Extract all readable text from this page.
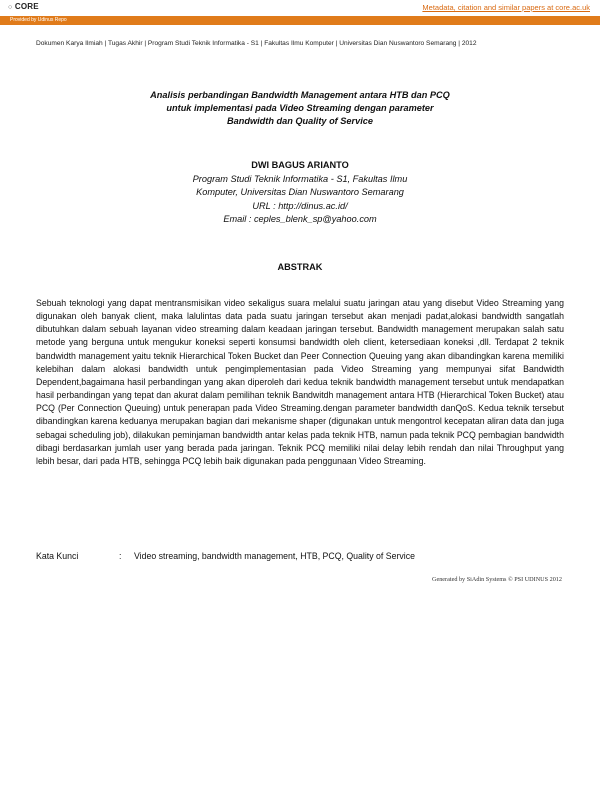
○ CORE	Metadata, citation and similar papers at core.ac.uk
Provided by Udinus Repo
Dokumen Karya Ilmiah | Tugas Akhir | Program Studi Teknik Informatika - S1 | Fakultas Ilmu Komputer | Universitas Dian Nuswantoro Semarang | 2012
Analisis perbandingan Bandwidth Management antara HTB dan PCQ
untuk implementasi pada Video Streaming dengan parameter
Bandwidth dan Quality of Service
DWI BAGUS ARIANTO
Program Studi Teknik Informatika - S1, Fakultas Ilmu
Komputer, Universitas Dian Nuswantoro Semarang
URL : http://dinus.ac.id/
Email : ceples_blenk_sp@yahoo.com
ABSTRAK
Sebuah teknologi yang dapat mentransmisikan video sekaligus suara melalui suatu jaringan atau yang disebut Video Streaming yang digunakan oleh banyak client, maka lalulintas data pada suatu jaringan tersebut akan menjadi padat,alokasi bandwidth sangatlah dibutuhkan dalam sebuah layanan video streaming dalam keadaan jaringan tersebut. Bandwidth management merupakan salah satu metode yang berguna untuk mengukur koneksi seperti konsumsi bandwidth oleh client, ketersediaan koneksi ,dll. Terdapat 2 teknik bandwidth management yaitu teknik Hierarchical Token Bucket dan Peer Connection Queuing yang akan dibandingkan karena memiliki kelebihan dalam alokasi bandwidth untuk pengimplementasian pada Video Streaming yang mempunyai sifat Bandwidth Dependent,bagaimana hasil perbandingan yang akan diperoleh dari kedua teknik bandwidth management tersebut untuk mendapatkan hasil perbandingan yang tepat dan akurat dalam pemilihan teknik Bandwitdh management antara HTB (Hierarchical Token Bucket) atau PCQ (Per Connection Queuing) untuk penerapan pada Video Streaming.dengan parameter bandwidth danQoS. Kedua teknik tersebut dibandingkan karena keduanya merupakan bagian dari mekanisme shaper (digunakan untuk mengontrol kecepatan aliran data dan juga sebagai scheduling job), dilakukan peminjaman bandwidth antar kelas pada teknik HTB, namun pada teknik PCQ pembagian bandwidth dibagi berdasarkan jumlah user yang berada pada jaringan. Teknik PCQ memiliki nilai delay lebih rendah dan nilai Throughput yang lebih besar, dari pada HTB, sehingga PCQ lebih baik digunakan pada penggunaan Video Streaming.
Kata Kunci	: Video streaming, bandwidth management, HTB, PCQ, Quality of Service
Generated by SiAdin Systems © PSI UDINUS 2012
